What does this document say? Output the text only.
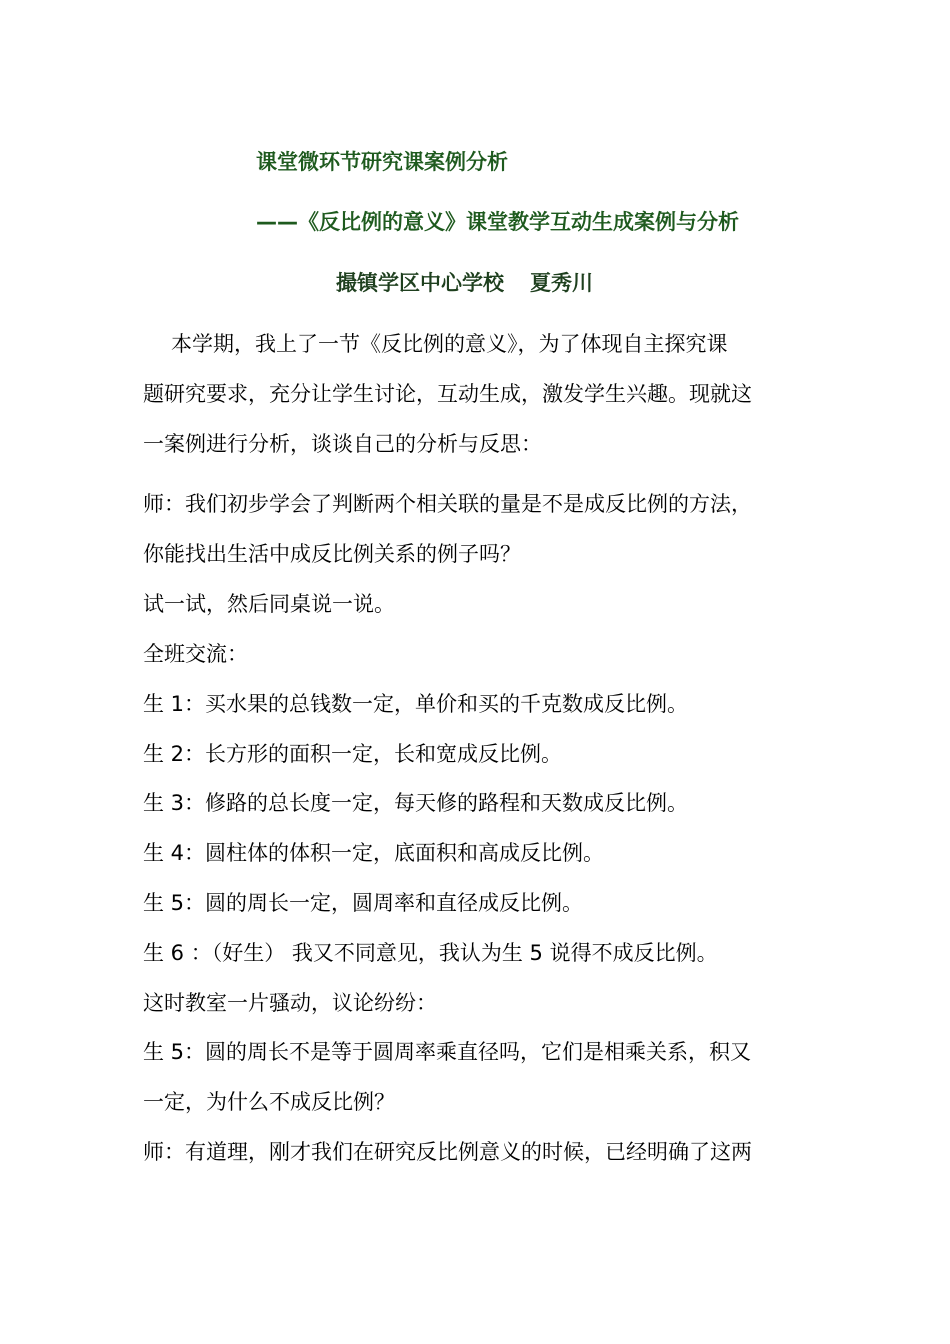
课堂微环节研究课案例分析
——《反比例的意义》课堂教学互动生成案例与分析
撮镇学区中心学校 夏秀川
本学期，我上了一节《反比例的意义》，为了体现自主探究课
题研究要求，充分让学生讨论，互动生成，激发学生兴趣。现就这
一案例进行分析，谈谈自己的分析与反思：
师：我们初步学会了判断两个相关联的量是不是成反比例的方法，
你能找出生活中成反比例关系的例子吗？
试一试，然后同桌说一说。
全班交流：
生 1：买水果的总钱数一定，单价和买的千克数成反比例。
生 2：长方形的面积一定，长和宽成反比例。
生 3：修路的总长度一定，每天修的路程和天数成反比例。
生 4：圆柱体的体积一定，底面积和高成反比例。
生 5：圆的周长一定，圆周率和直径成反比例。
生 6 ：（好生） 我又不同意见，我认为生 5 说得不成反比例。
这时教室一片骚动，议论纷纷：
生 5：圆的周长不是等于圆周率乘直径吗，它们是相乘关系，积又
一定，为什么不成反比例？
师：有道理，刚才我们在研究反比例意义的时候，已经明确了这两
